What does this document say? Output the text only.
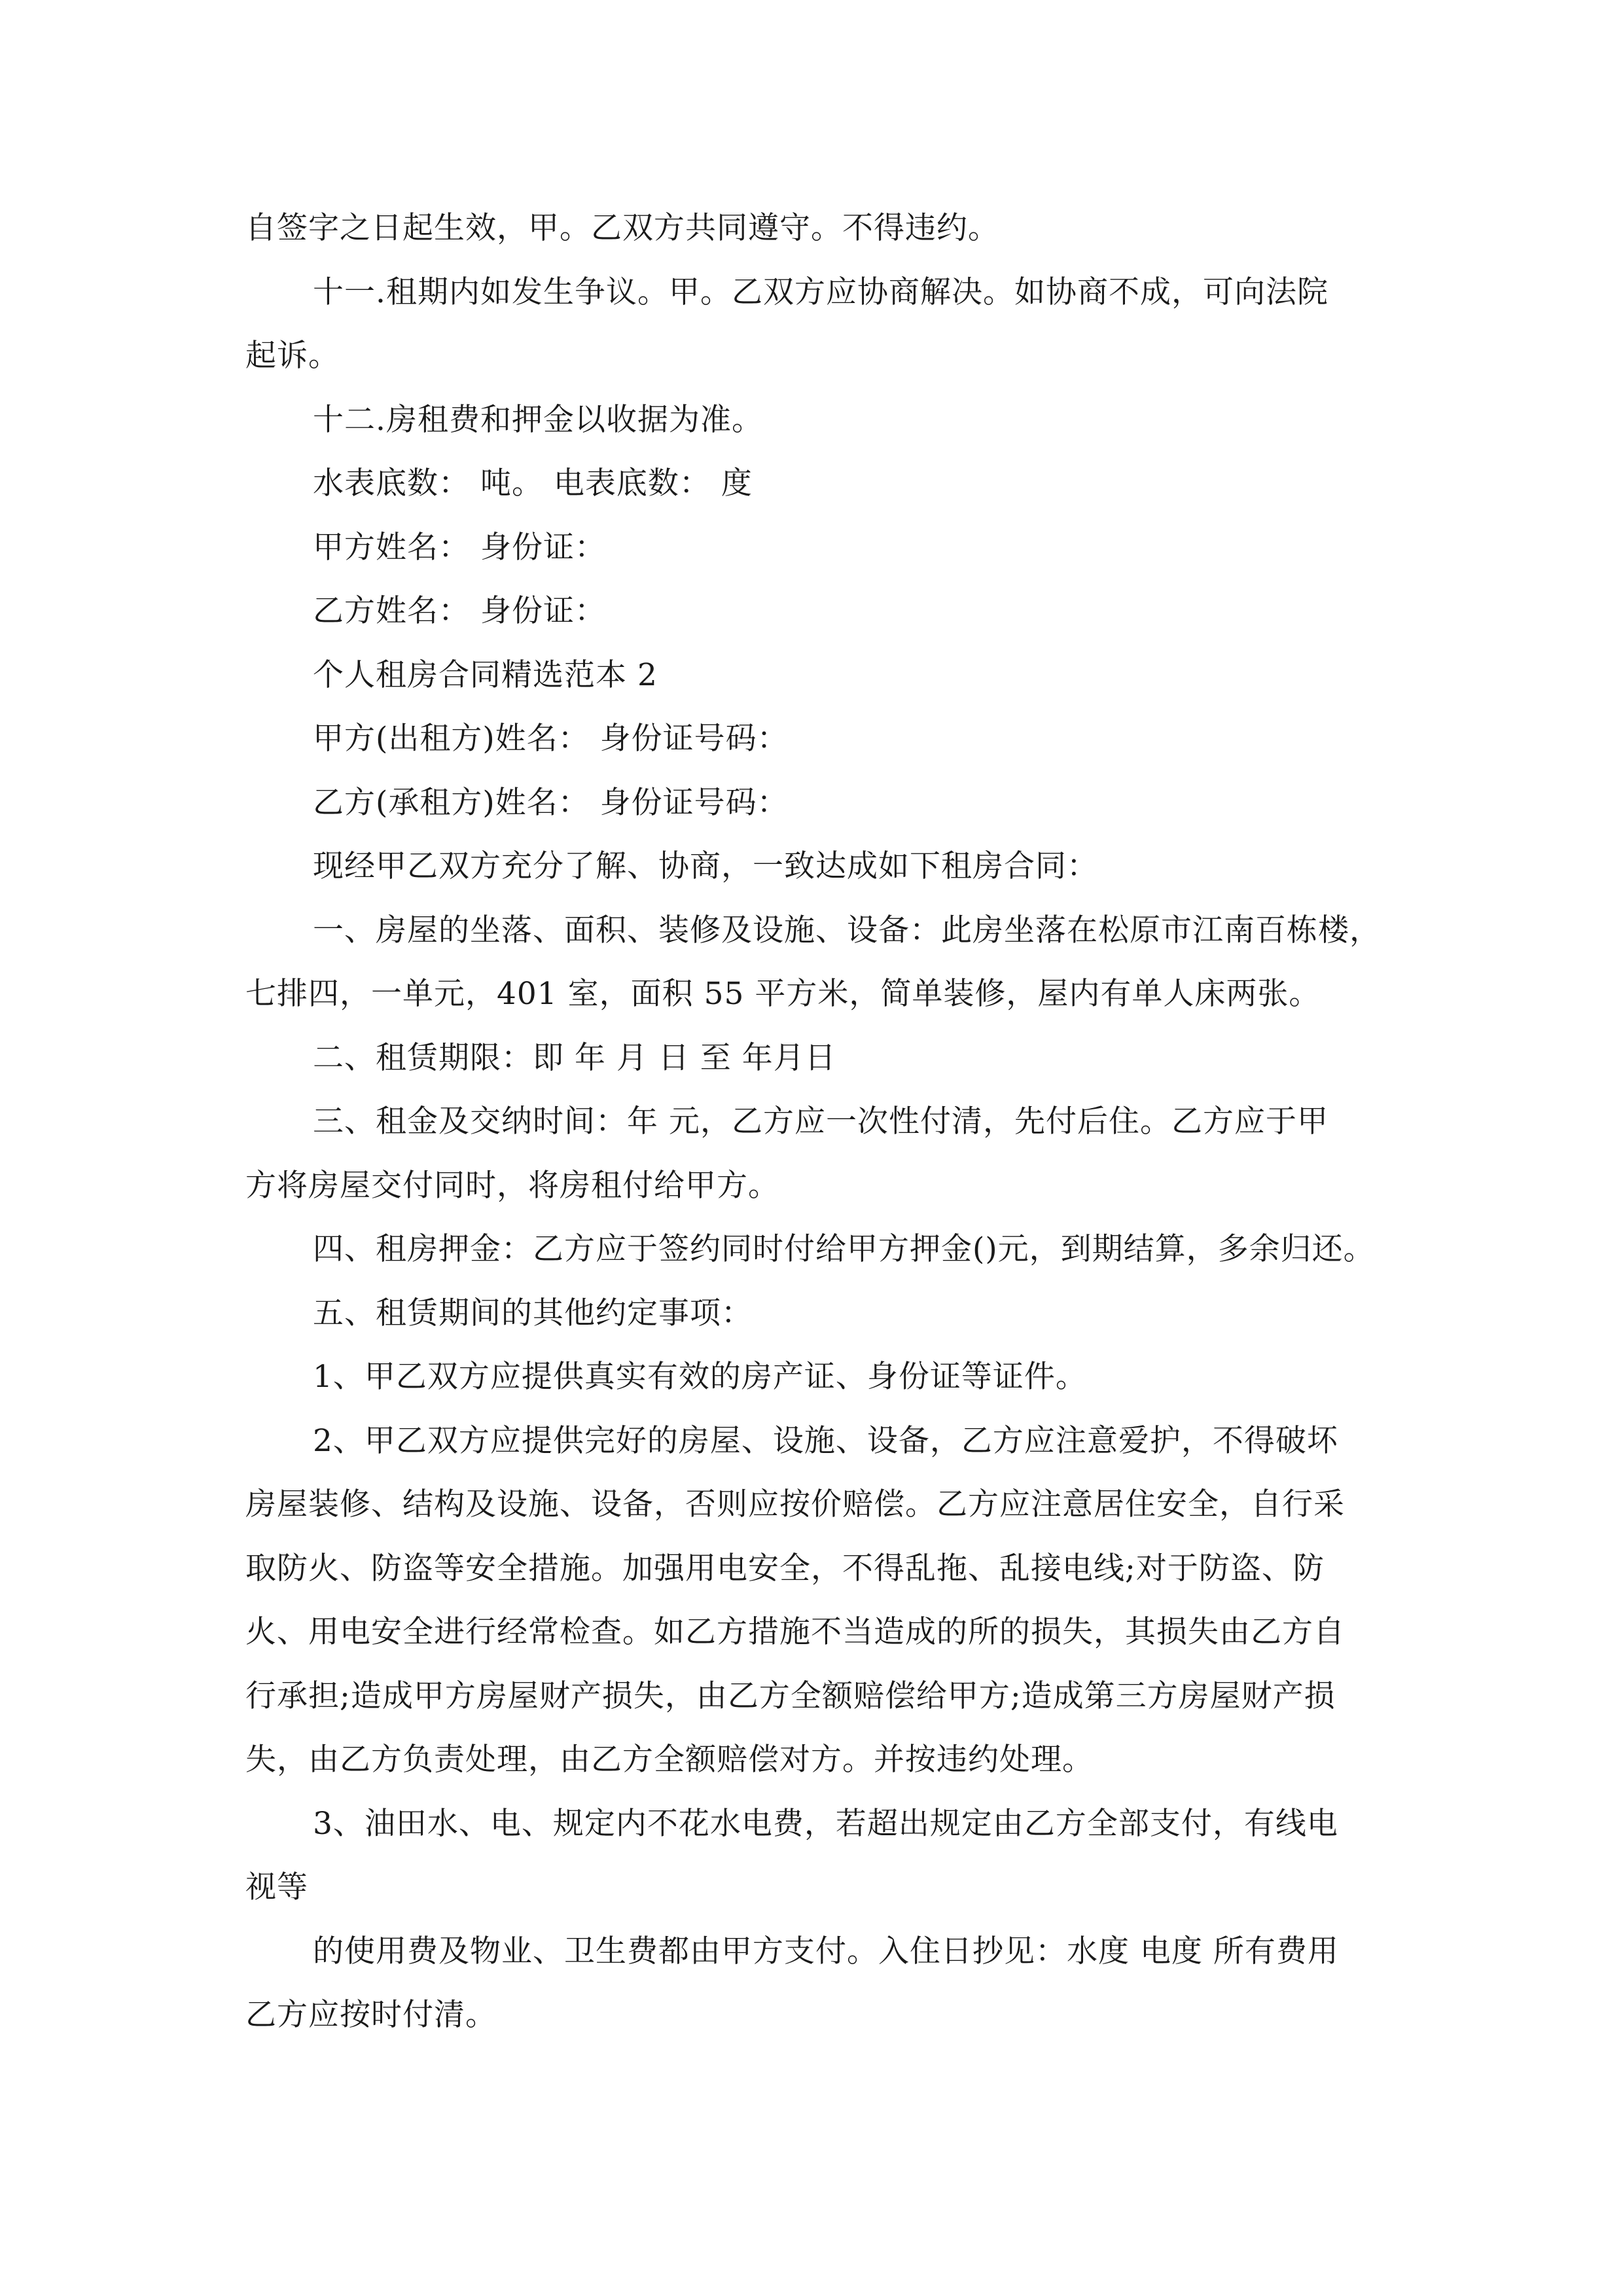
自签字之日起生效，甲。乙双方共同遵守。不得违约。
十一.租期内如发生争议。甲。乙双方应协商解决。如协商不成，可向法院
起诉。
十二.房租费和押金以收据为准。
水表底数： 吨。 电表底数： 度
甲方姓名： 身份证：
乙方姓名： 身份证：
个人租房合同精选范本 2
甲方(出租方)姓名： 身份证号码：
乙方(承租方)姓名： 身份证号码：
现经甲乙双方充分了解、协商，一致达成如下租房合同：
一、房屋的坐落、面积、装修及设施、设备：此房坐落在松原市江南百栋楼，
七排四，一单元，401 室，面积 55 平方米，简单装修，屋内有单人床两张。
二、租赁期限：即 年 月 日 至 年月日
三、租金及交纳时间：年 元，乙方应一次性付清，先付后住。乙方应于甲
方将房屋交付同时，将房租付给甲方。
四、租房押金：乙方应于签约同时付给甲方押金()元，到期结算，多余归还。
五、租赁期间的其他约定事项：
1、甲乙双方应提供真实有效的房产证、身份证等证件。
2、甲乙双方应提供完好的房屋、设施、设备，乙方应注意爱护，不得破坏
房屋装修、结构及设施、设备，否则应按价赔偿。乙方应注意居住安全，自行采
取防火、防盗等安全措施。加强用电安全，不得乱拖、乱接电线;对于防盗、防
火、用电安全进行经常检查。如乙方措施不当造成的所的损失，其损失由乙方自
行承担;造成甲方房屋财产损失，由乙方全额赔偿给甲方;造成第三方房屋财产损
失，由乙方负责处理，由乙方全额赔偿对方。并按违约处理。
3、油田水、电、规定内不花水电费，若超出规定由乙方全部支付，有线电
视等
的使用费及物业、卫生费都由甲方支付。入住日抄见：水度 电度 所有费用
乙方应按时付清。
